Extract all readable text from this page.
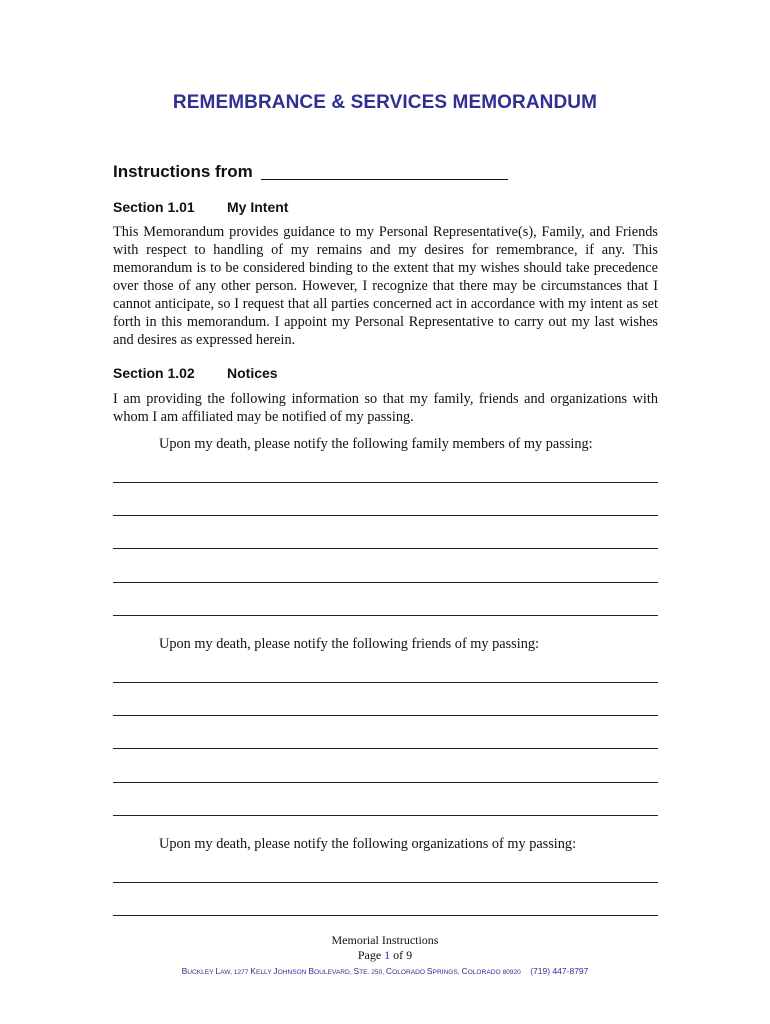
REMEMBRANCE & SERVICES MEMORANDUM
Instructions from
Section 1.01 My Intent

This Memorandum provides guidance to my Personal Representative(s), Family, and Friends with respect to handling of my remains and my desires for remembrance, if any. This memorandum is to be considered binding to the extent that my wishes should take precedence over those of any other person. However, I recognize that there may be circumstances that I cannot anticipate, so I request that all parties concerned act in accordance with my intent as set forth in this memorandum. I appoint my Personal Representative to carry out my last wishes and desires as expressed herein.

Section 1.02 Notices

I am providing the following information so that my family, friends and organizations with whom I am affiliated may be notified of my passing.

Upon my death, please notify the following family members of my passing:
Upon my death, please notify the following friends of my passing:
Upon my death, please notify the following organizations of my passing:
Memorial Instructions
Page 1 of 9
BUCKLEY LAW, 1277 KELLY JOHNSON BOULEVARD, STE. 250, COLORADO SPRINGS, COLORADO 80920 (719) 447-8797
